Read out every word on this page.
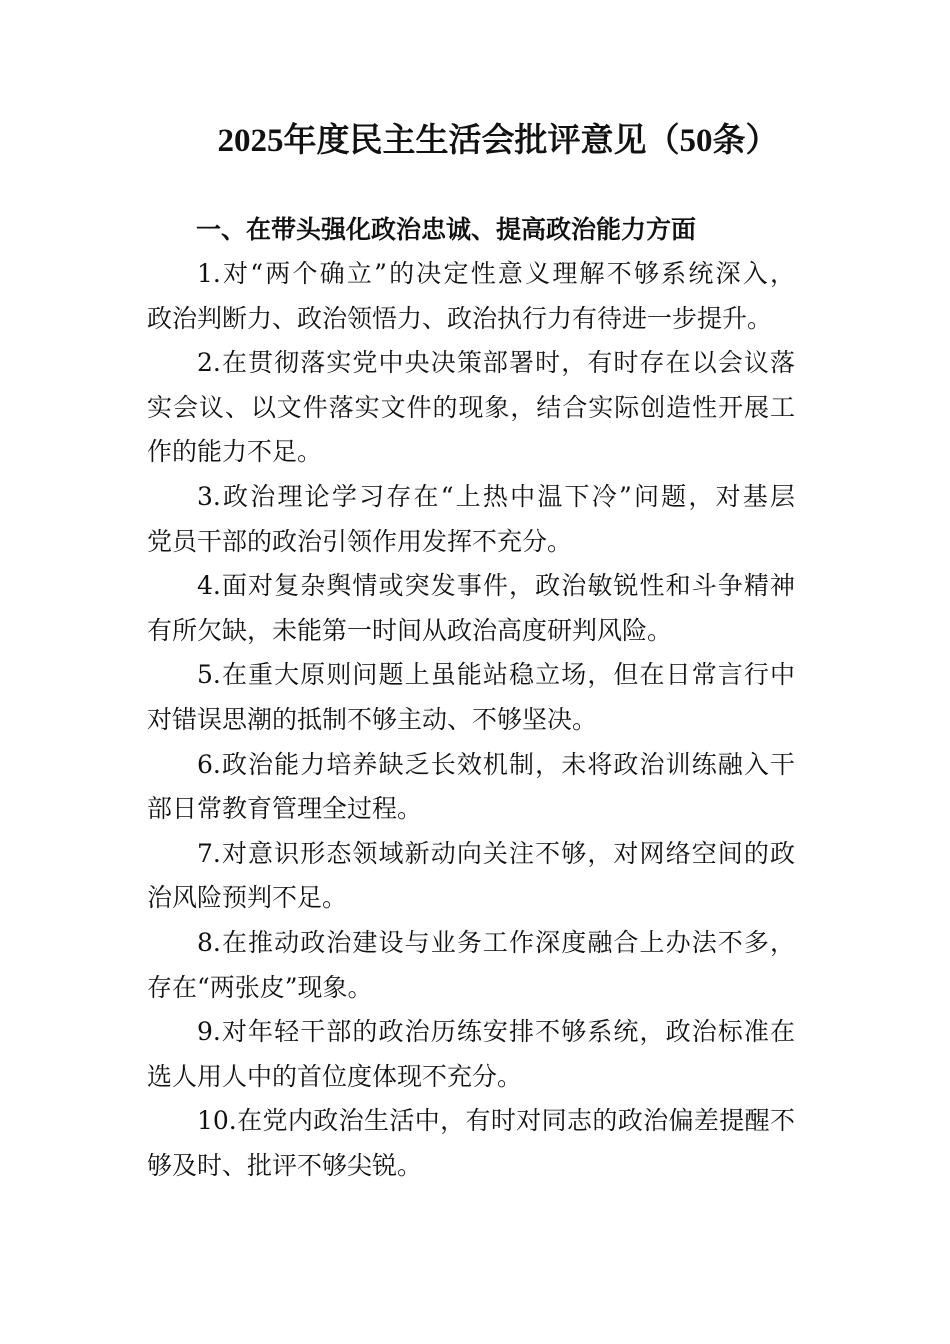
2025年度民主生活会批评意见（50条）
一、在带头强化政治忠诚、提高政治能力方面
1.对“两个确立”的决定性意义理解不够系统深入，
政治判断力、政治领悟力、政治执行力有待进一步提升。
2.在贯彻落实党中央决策部署时，有时存在以会议落
实会议、以文件落实文件的现象，结合实际创造性开展工
作的能力不足。
3.政治理论学习存在“上热中温下冷”问题，对基层
党员干部的政治引领作用发挥不充分。
4.面对复杂舆情或突发事件，政治敏锐性和斗争精神
有所欠缺，未能第一时间从政治高度研判风险。
5.在重大原则问题上虽能站稳立场，但在日常言行中
对错误思潮的抵制不够主动、不够坚决。
6.政治能力培养缺乏长效机制，未将政治训练融入干
部日常教育管理全过程。
7.对意识形态领域新动向关注不够，对网络空间的政
治风险预判不足。
8.在推动政治建设与业务工作深度融合上办法不多，
存在“两张皮”现象。
9.对年轻干部的政治历练安排不够系统，政治标准在
选人用人中的首位度体现不充分。
10.在党内政治生活中，有时对同志的政治偏差提醒不
够及时、批评不够尖锐。
